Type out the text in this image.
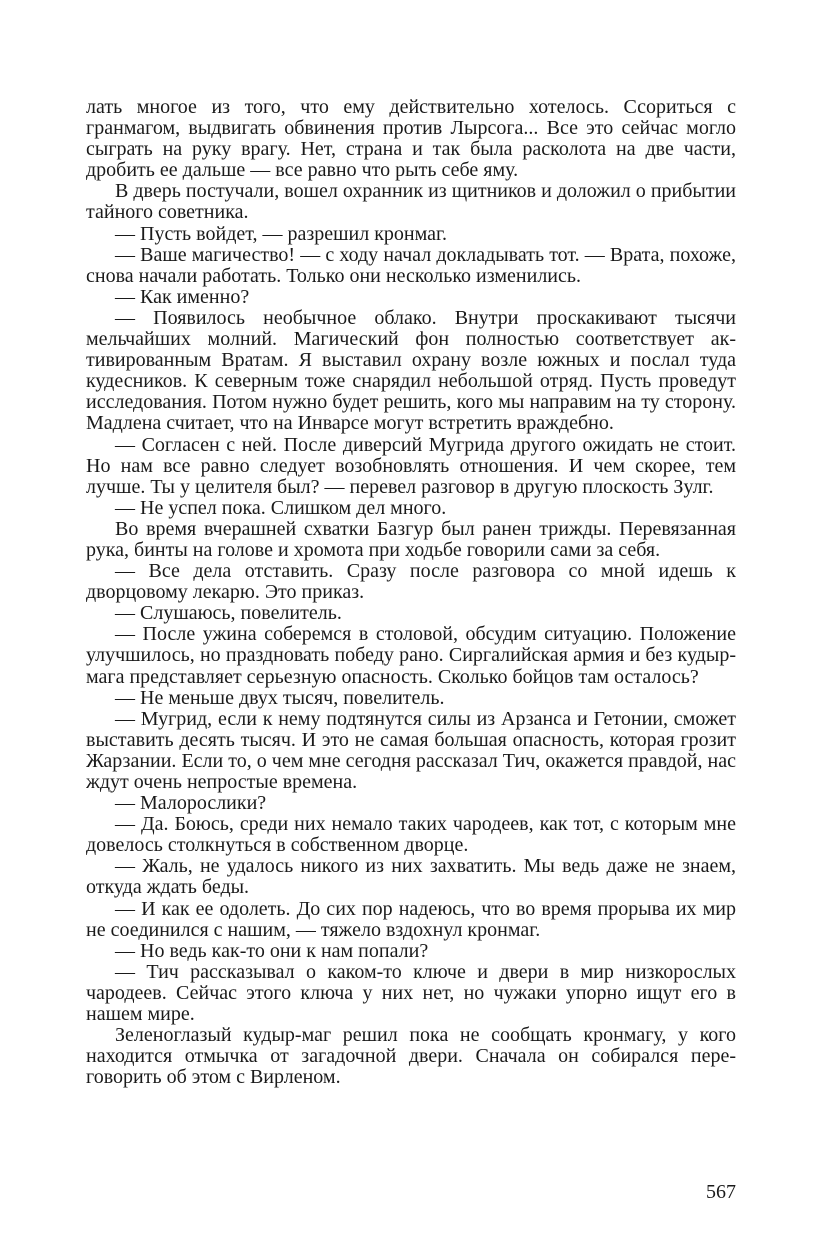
лать многое из того, что ему действительно хотелось. Ссориться с гранмагом, выдвигать обвинения против Лырсога... Все это сейчас могло сыграть на руку врагу. Нет, страна и так была расколота на две части, дробить ее дальше — все равно что рыть себе яму.

В дверь постучали, вошел охранник из щитников и доложил о прибытии тайного советника.

— Пусть войдет, — разрешил кронмаг.

— Ваше магичество! — с ходу начал докладывать тот. — Врата, похоже, снова начали работать. Только они несколько изменились.

— Как именно?

— Появилось необычное облако. Внутри проскакивают тысячи мельчайших молний. Магический фон полностью соответствует активированным Вратам. Я выставил охрану возле южных и послал туда кудесников. К северным тоже снарядил небольшой отряд. Пусть проведут исследования. Потом нужно будет решить, кого мы направим на ту сторону. Мадлена считает, что на Инварсе могут встретить враждебно.

— Согласен с ней. После диверсий Мугрида другого ожидать не стоит. Но нам все равно следует возобновлять отношения. И чем скорее, тем лучше. Ты у целителя был? — перевел разговор в другую плоскость Зулг.

— Не успел пока. Слишком дел много.

Во время вчерашней схватки Базгур был ранен трижды. Перевязанная рука, бинты на голове и хромота при ходьбе говорили сами за себя.

— Все дела отставить. Сразу после разговора со мной идешь к дворцовому лекарю. Это приказ.

— Слушаюсь, повелитель.

— После ужина соберемся в столовой, обсудим ситуацию. Положение улучшилось, но праздновать победу рано. Сиргалийская армия и без кудыр-мага представляет серьезную опасность. Сколько бойцов там осталось?

— Не меньше двух тысяч, повелитель.

— Мугрид, если к нему подтянутся силы из Арзанса и Гетонии, сможет выставить десять тысяч. И это не самая большая опасность, которая грозит Жарзании. Если то, о чем мне сегодня рассказал Тич, окажется правдой, нас ждут очень непростые времена.

— Малорослики?

— Да. Боюсь, среди них немало таких чародеев, как тот, с которым мне довелось столкнуться в собственном дворце.

— Жаль, не удалось никого из них захватить. Мы ведь даже не знаем, откуда ждать беды.

— И как ее одолеть. До сих пор надеюсь, что во время прорыва их мир не соединился с нашим, — тяжело вздохнул кронмаг.

— Но ведь как-то они к нам попали?

— Тич рассказывал о каком-то ключе и двери в мир низкорослых чародеев. Сейчас этого ключа у них нет, но чужаки упорно ищут его в нашем мире.

Зеленоглазый кудыр-маг решил пока не сообщать кронмагу, у кого находится отмычка от загадочной двери. Сначала он собирался переговорить об этом с Вирленом.

567
